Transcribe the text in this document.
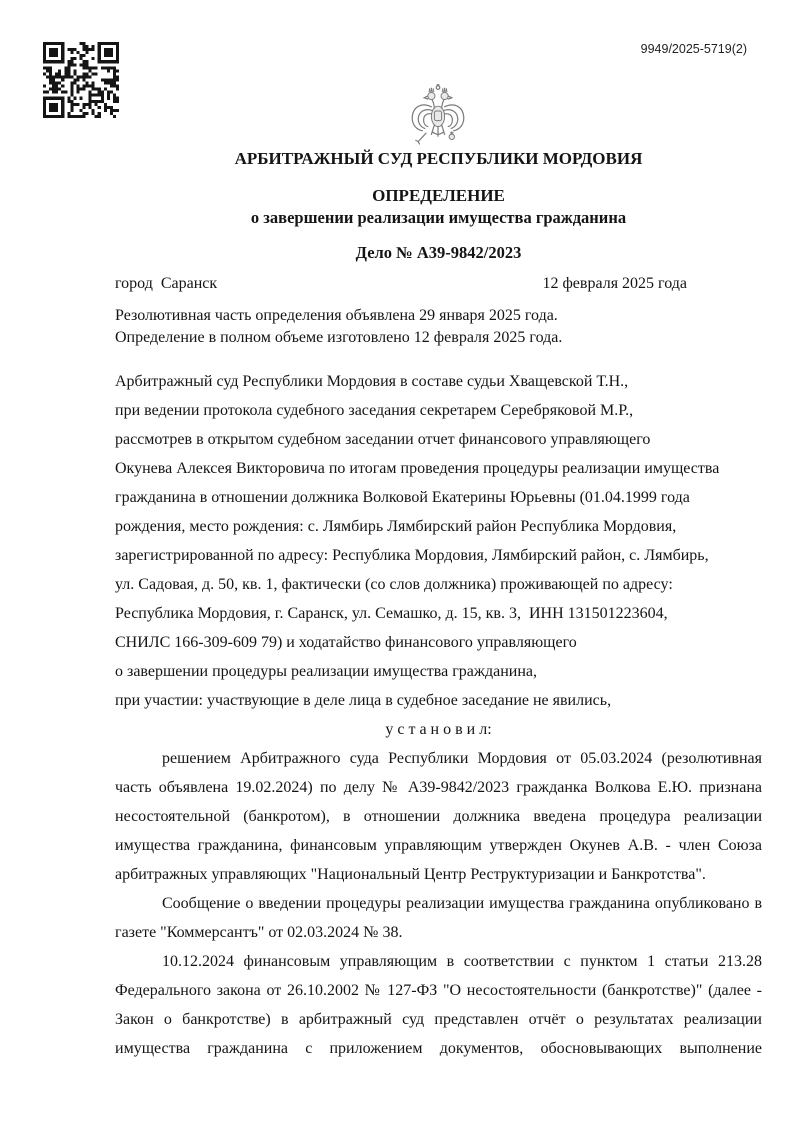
9949/2025-5719(2)
АРБИТРАЖНЫЙ СУД РЕСПУБЛИКИ МОРДОВИЯ
ОПРЕДЕЛЕНИЕ
о завершении реализации имущества гражданина
Дело № А39-9842/2023
город  Саранск	12 февраля 2025 года
Резолютивная часть определения объявлена 29 января 2025 года.
Определение в полном объеме изготовлено 12 февраля 2025 года.
Арбитражный суд Республики Мордовия в составе судьи Хващевской Т.Н.,
при ведении протокола судебного заседания секретарем Серебряковой М.Р.,
рассмотрев в открытом судебном заседании отчет финансового управляющего
Окунева Алексея Викторовича по итогам проведения процедуры реализации имущества
гражданина в отношении должника Волковой Екатерины Юрьевны (01.04.1999 года
рождения, место рождения: с. Лямбирь Лямбирский район Республика Мордовия,
зарегистрированной по адресу: Республика Мордовия, Лямбирский район, с. Лямбирь,
ул. Садовая, д. 50, кв. 1, фактически (со слов должника) проживающей по адресу:
Республика Мордовия, г. Саранск, ул. Семашко, д. 15, кв. 3,  ИНН 131501223604,
СНИЛС 166-309-609 79) и ходатайство финансового управляющего
о завершении процедуры реализации имущества гражданина,
при участии: участвующие в деле лица в судебное заседание не явились,
у с т а н о в и л:

решением Арбитражного суда Республики Мордовия от 05.03.2024 (резолютивная часть объявлена 19.02.2024) по делу № А39-9842/2023 гражданка Волкова Е.Ю. признана несостоятельной (банкротом), в отношении должника введена процедура реализации имущества гражданина, финансовым управляющим утвержден Окунев А.В. - член Союза арбитражных управляющих "Национальный Центр Реструктуризации и Банкротства".

Сообщение о введении процедуры реализации имущества гражданина опубликовано в газете "Коммерсантъ" от 02.03.2024 № 38.

10.12.2024 финансовым управляющим в соответствии с пунктом 1 статьи 213.28 Федерального закона от 26.10.2002 № 127-ФЗ "О несостоятельности (банкротстве)" (далее - Закон о банкротстве) в арбитражный суд представлен отчёт о результатах реализации имущества гражданина с приложением документов, обосновывающих выполнение
